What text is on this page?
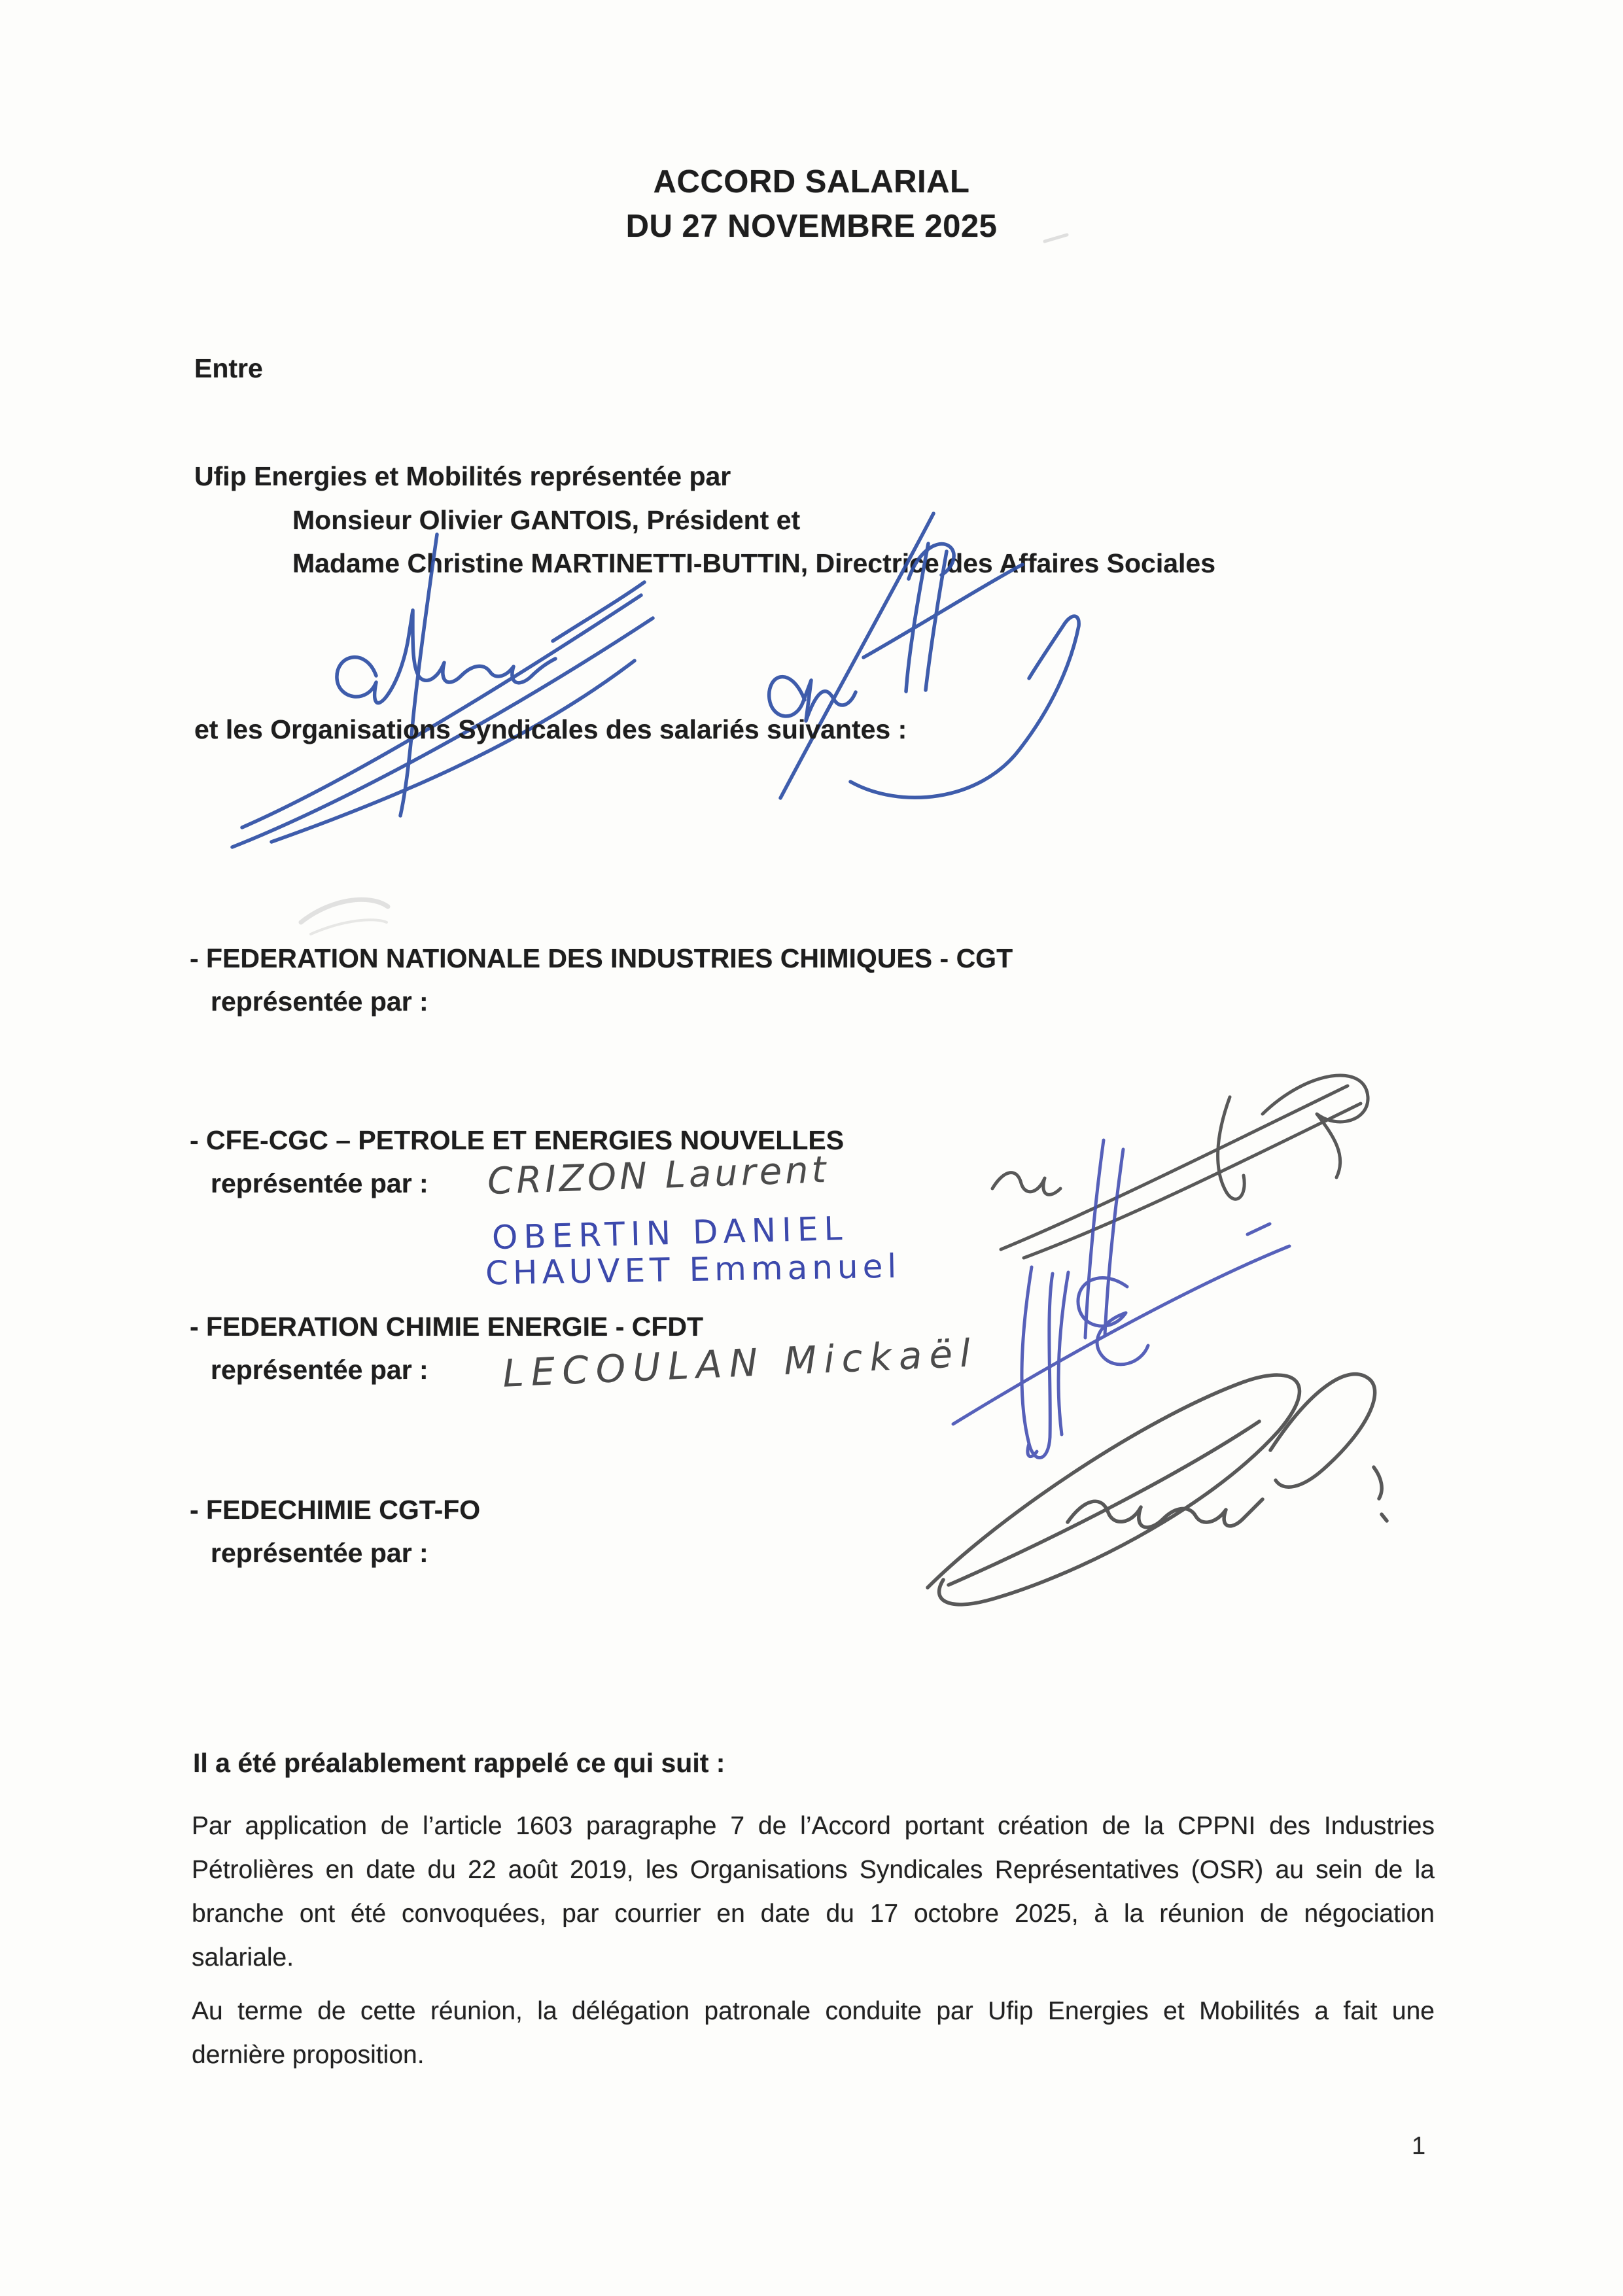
ACCORD SALARIAL
DU 27 NOVEMBRE 2025
Entre
Ufip Energies et Mobilités représentée par
Monsieur Olivier GANTOIS, Président et
Madame Christine MARTINETTI-BUTTIN, Directrice des Affaires Sociales
et les Organisations Syndicales des salariés suivantes :
- FEDERATION NATIONALE DES INDUSTRIES CHIMIQUES - CGT
représentée par :
- CFE-CGC – PETROLE ET ENERGIES NOUVELLES
représentée par : CRIZON Laurent
OBERTIN DANIEL
CHAUVET Emmanuel
- FEDERATION CHIMIE ENERGIE - CFDT
représentée par : LECOULAN Mickaël
- FEDECHIMIE CGT-FO
représentée par :
Il a été préalablement rappelé ce qui suit :
Par application de l’article 1603 paragraphe 7 de l’Accord portant création de la CPPNI des Industries
Pétrolières en date du 22 août 2019, les Organisations Syndicales Représentatives (OSR) au sein de la
branche ont été convoquées, par courrier en date du 17 octobre 2025, à la réunion de négociation
salariale.
Au terme de cette réunion, la délégation patronale conduite par Ufip Energies et Mobilités a fait une
dernière proposition.
1
